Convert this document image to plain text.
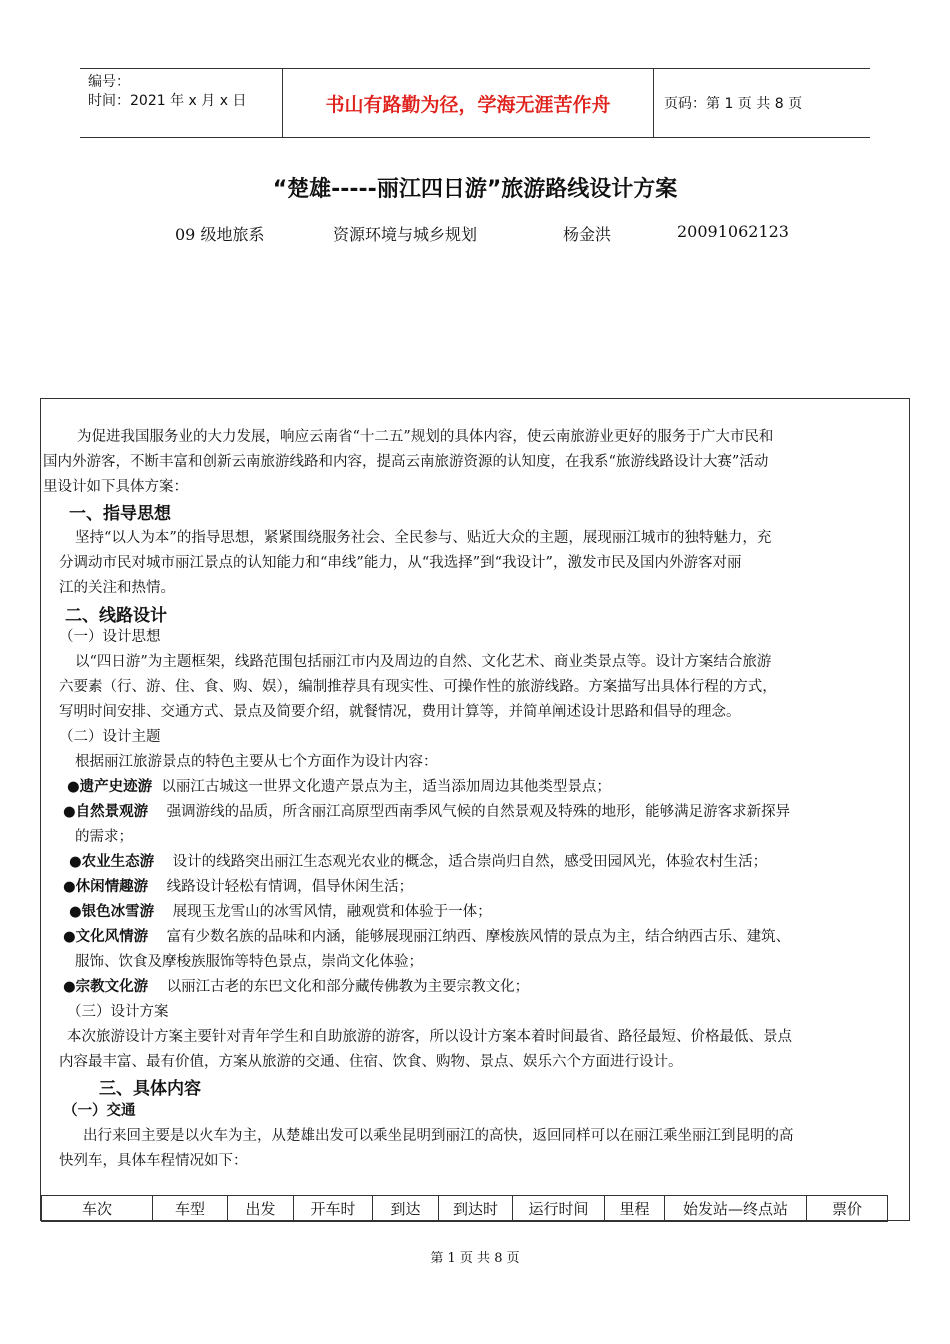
编号：
时间：2021 年 x 月 x 日	书山有路勤为径，学海无涯苦作舟	页码：第 1 页 共 8 页
“楚雄-----丽江四日游”旅游路线设计方案
09 级地旅系	资源环境与城乡规划	杨金洪	20091062123
为促进我国服务业的大力发展，响应云南省“十二五”规划的具体内容，使云南旅游业更好的服务于广大市民和
国内外游客，不断丰富和创新云南旅游线路和内容，提高云南旅游资源的认知度，在我系“旅游线路设计大赛”活动
里设计如下具体方案：
一、指导思想
坚持“以人为本”的指导思想，紧紧围绕服务社会、全民参与、贴近大众的主题，展现丽江城市的独特魅力，充
分调动市民对城市丽江景点的认知能力和“串线”能力，从“我选择”到“我设计”，激发市民及国内外游客对丽
江的关注和热情。
二、线路设计
（一）设计思想
以“四日游”为主题框架，线路范围包括丽江市内及周边的自然、文化艺术、商业类景点等。设计方案结合旅游
六要素（行、游、住、食、购、娱），编制推荐具有现实性、可操作性的旅游线路。方案描写出具体行程的方式，
写明时间安排、交通方式、景点及简要介绍，就餐情况，费用计算等，并简单阐述设计思路和倡导的理念。
（二）设计主题
根据丽江旅游景点的特色主要从七个方面作为设计内容：
●遗产史迹游 以丽江古城这一世界文化遗产景点为主，适当添加周边其他类型景点；
●自然景观游 强调游线的品质，所含丽江高原型西南季风气候的自然景观及特殊的地形，能够满足游客求新探异
的需求；
●农业生态游 设计的线路突出丽江生态观光农业的概念，适合崇尚归自然，感受田园风光，体验农村生活；
●休闲情趣游 线路设计轻松有情调，倡导休闲生活；
●银色冰雪游 展现玉龙雪山的冰雪风情，融观赏和体验于一体；
●文化风情游 富有少数名族的品味和内涵，能够展现丽江纳西、摩梭族风情的景点为主，结合纳西古乐、建筑、
服饰、饮食及摩梭族服饰等特色景点，崇尚文化体验；
●宗教文化游 以丽江古老的东巴文化和部分藏传佛教为主要宗教文化；
（三）设计方案
本次旅游设计方案主要针对青年学生和自助旅游的游客，所以设计方案本着时间最省、路径最短、价格最低、景点
内容最丰富、最有价值，方案从旅游的交通、住宿、饮食、购物、景点、娱乐六个方面进行设计。
三、具体内容
（一）交通
出行来回主要是以火车为主，从楚雄出发可以乘坐昆明到丽江的高快，返回同样可以在丽江乘坐丽江到昆明的高
快列车，具体车程情况如下：
车次	车型	出发	开车时	到达	到达时	运行时间	里程	始发站—终点站	票价
第 1 页 共 8 页
